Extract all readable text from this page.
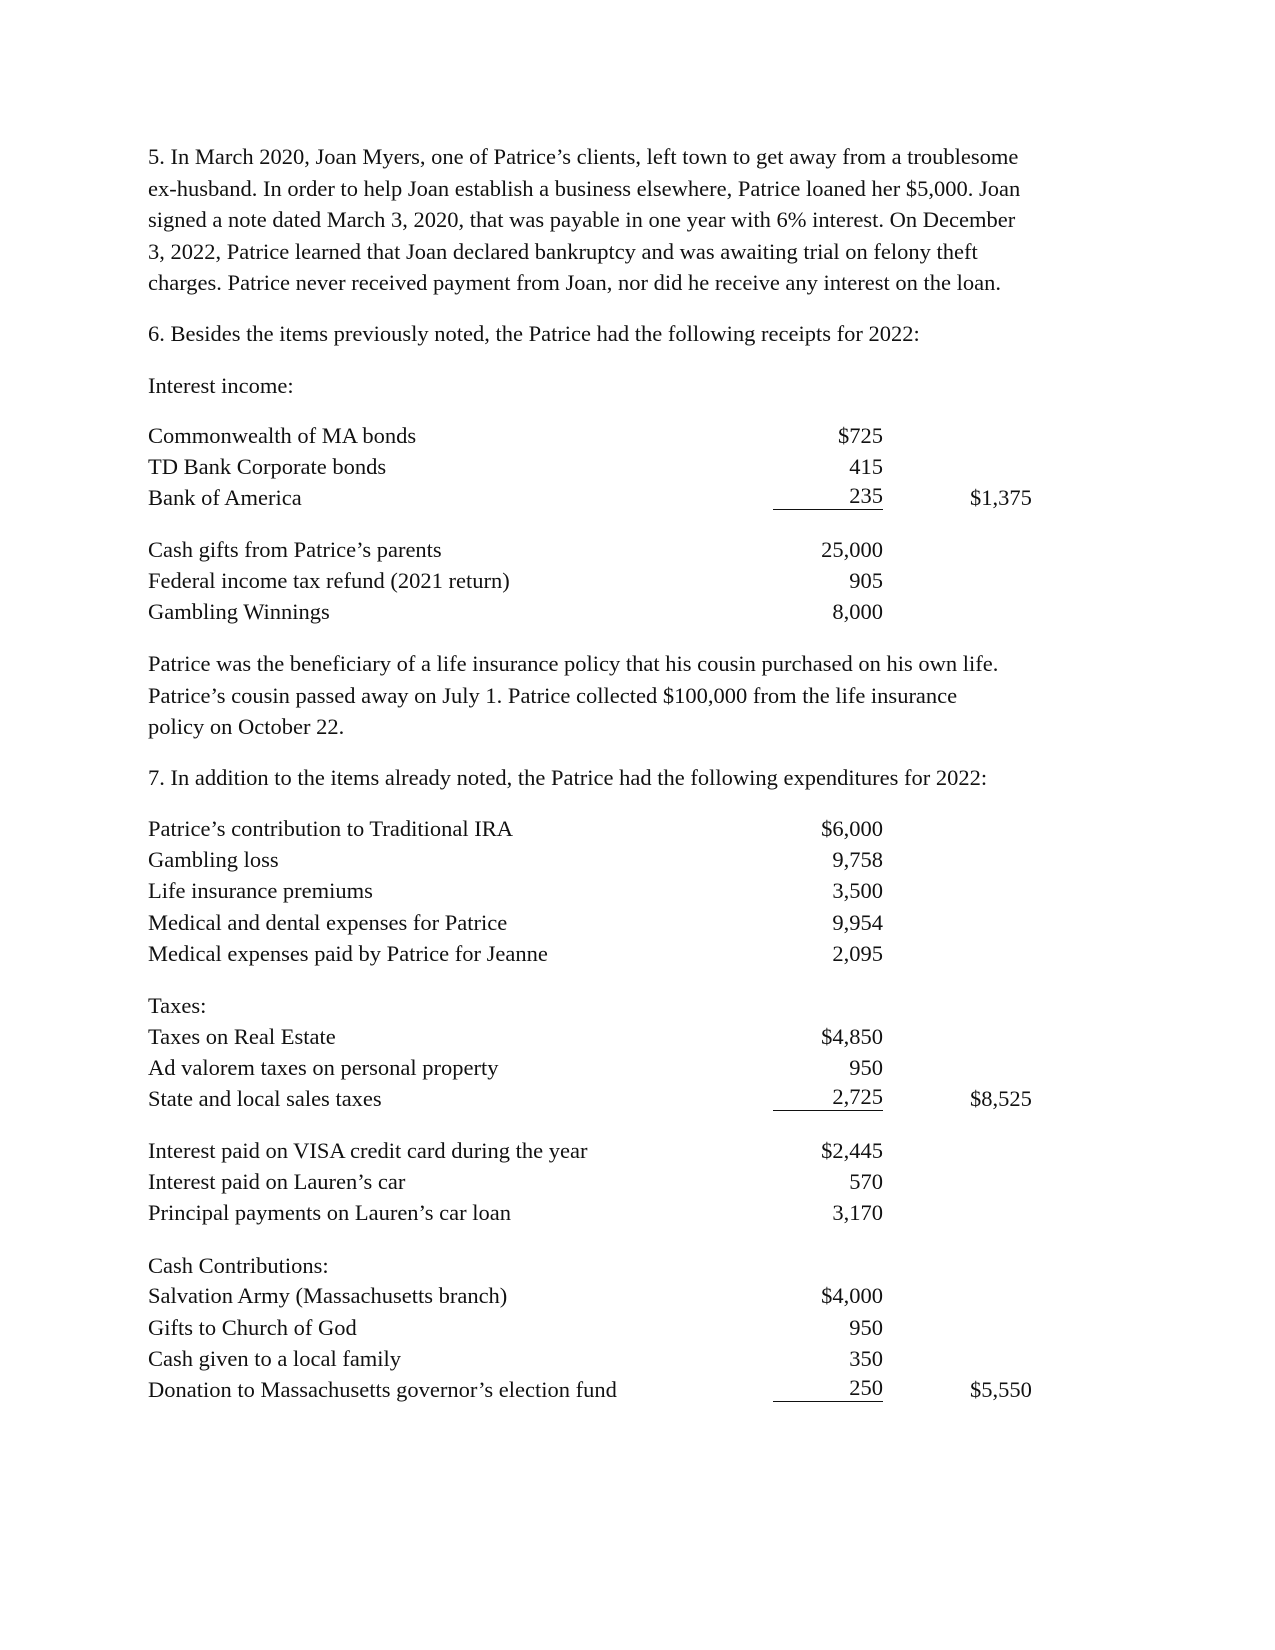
5. In March 2020, Joan Myers, one of Patrice’s clients, left town to get away from a troublesome
ex-husband. In order to help Joan establish a business elsewhere, Patrice loaned her $5,000. Joan
signed a note dated March 3, 2020, that was payable in one year with 6% interest. On December
3, 2022, Patrice learned that Joan declared bankruptcy and was awaiting trial on felony theft
charges. Patrice never received payment from Joan, nor did he receive any interest on the loan.
6. Besides the items previously noted, the Patrice had the following receipts for 2022:
Interest income:
Commonwealth of MA bonds	$725
TD Bank Corporate bonds	415
Bank of America	235	$1,375
Cash gifts from Patrice’s parents	25,000
Federal income tax refund (2021 return)	905
Gambling Winnings	8,000
Patrice was the beneficiary of a life insurance policy that his cousin purchased on his own life.
Patrice’s cousin passed away on July 1. Patrice collected $100,000 from the life insurance
policy on October 22.
7. In addition to the items already noted, the Patrice had the following expenditures for 2022:
Patrice’s contribution to Traditional IRA	$6,000
Gambling loss	9,758
Life insurance premiums	3,500
Medical and dental expenses for Patrice	9,954
Medical expenses paid by Patrice for Jeanne	2,095
Taxes:
Taxes on Real Estate	$4,850
Ad valorem taxes on personal property	950
State and local sales taxes	2,725	$8,525
Interest paid on VISA credit card during the year	$2,445
Interest paid on Lauren’s car	570
Principal payments on Lauren’s car loan	3,170
Cash Contributions:
Salvation Army (Massachusetts branch)	$4,000
Gifts to Church of God	950
Cash given to a local family	350
Donation to Massachusetts governor’s election fund	250	$5,550
